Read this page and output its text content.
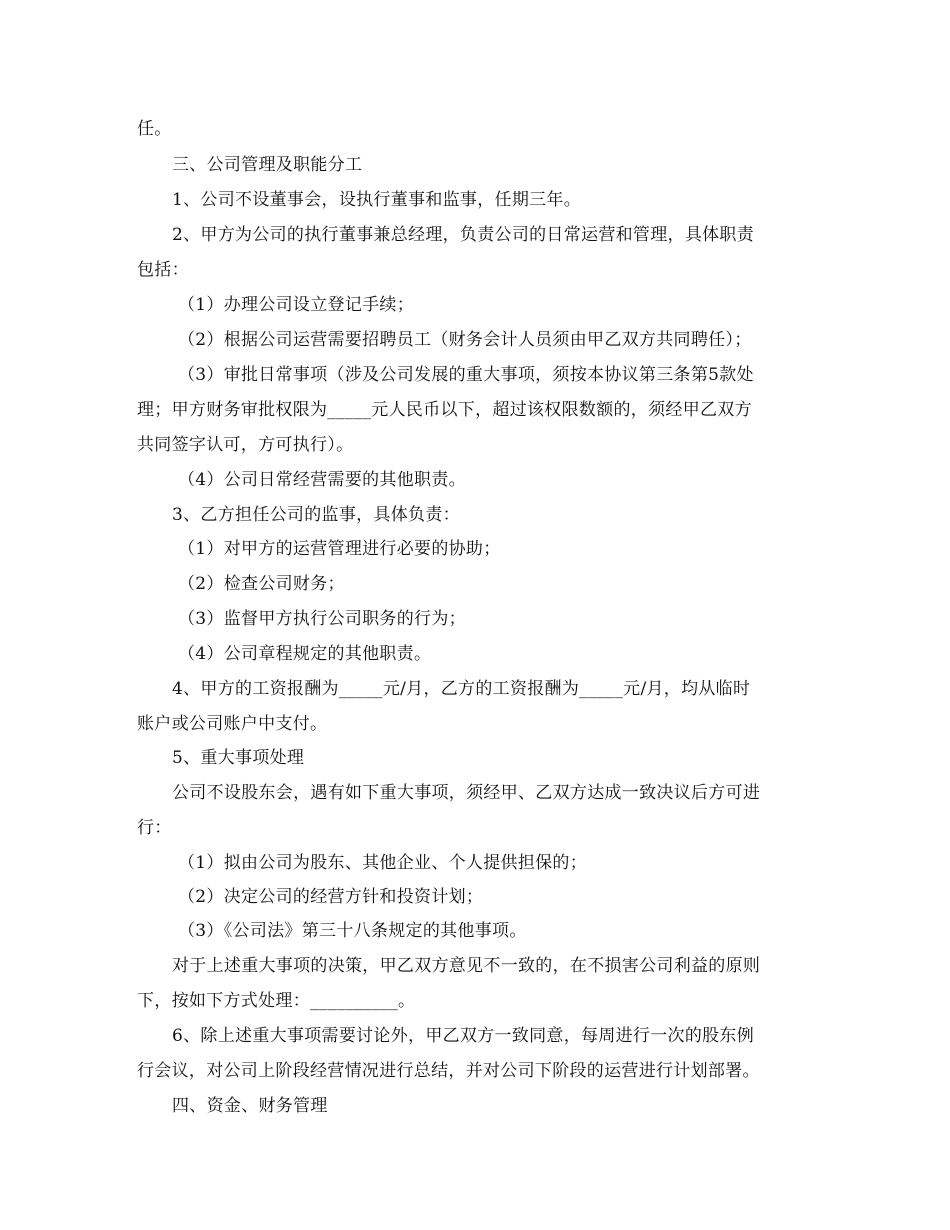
任。
三、公司管理及职能分工
1、公司不设董事会，设执行董事和监事，任期三年。
2、甲方为公司的执行董事兼总经理，负责公司的日常运营和管理，具体职责
包括：
（1）办理公司设立登记手续；
（2）根据公司运营需要招聘员工（财务会计人员须由甲乙双方共同聘任）；
（3）审批日常事项（涉及公司发展的重大事项，须按本协议第三条第5款处
理；甲方财务审批权限为_____元人民币以下，超过该权限数额的，须经甲乙双方
共同签字认可，方可执行）。
（4）公司日常经营需要的其他职责。
3、乙方担任公司的监事，具体负责：
（1）对甲方的运营管理进行必要的协助；
（2）检查公司财务；
（3）监督甲方执行公司职务的行为；
（4）公司章程规定的其他职责。
4、甲方的工资报酬为_____元/月，乙方的工资报酬为_____元/月，均从临时
账户或公司账户中支付。
5、重大事项处理
公司不设股东会，遇有如下重大事项，须经甲、乙双方达成一致决议后方可进
行：
（1）拟由公司为股东、其他企业、个人提供担保的；
（2）决定公司的经营方针和投资计划；
（3）《公司法》第三十八条规定的其他事项。
对于上述重大事项的决策，甲乙双方意见不一致的，在不损害公司利益的原则
下，按如下方式处理：__________。
6、除上述重大事项需要讨论外，甲乙双方一致同意，每周进行一次的股东例
行会议，对公司上阶段经营情况进行总结，并对公司下阶段的运营进行计划部署。
四、资金、财务管理
